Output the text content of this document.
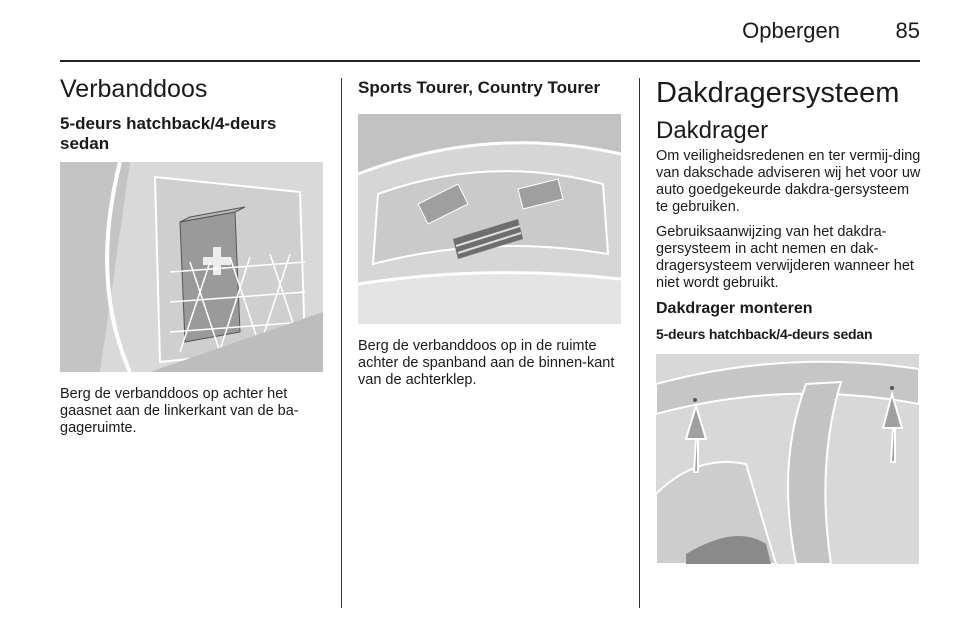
Opbergen	85
Verbanddoos
5-deurs hatchback/4-deurs sedan

Berg de verbanddoos op achter het gaasnet aan de linkerkant van de ba-gageruimte.

Sports Tourer, Country Tourer

Berg de verbanddoos op in de ruimte achter de spanband aan de binnen-kant van de achterklep.

Dakdragersysteem
Dakdrager

Om veiligheidsredenen en ter vermij-ding van dakschade adviseren wij het voor uw auto goedgekeurde dakdra-gersysteem te gebruiken.

Gebruiksaanwijzing van het dakdra-gersysteem in acht nemen en dak-dragersysteem verwijderen wanneer het niet wordt gebruikt.

Dakdrager monteren
5-deurs hatchback/4-deurs sedan
